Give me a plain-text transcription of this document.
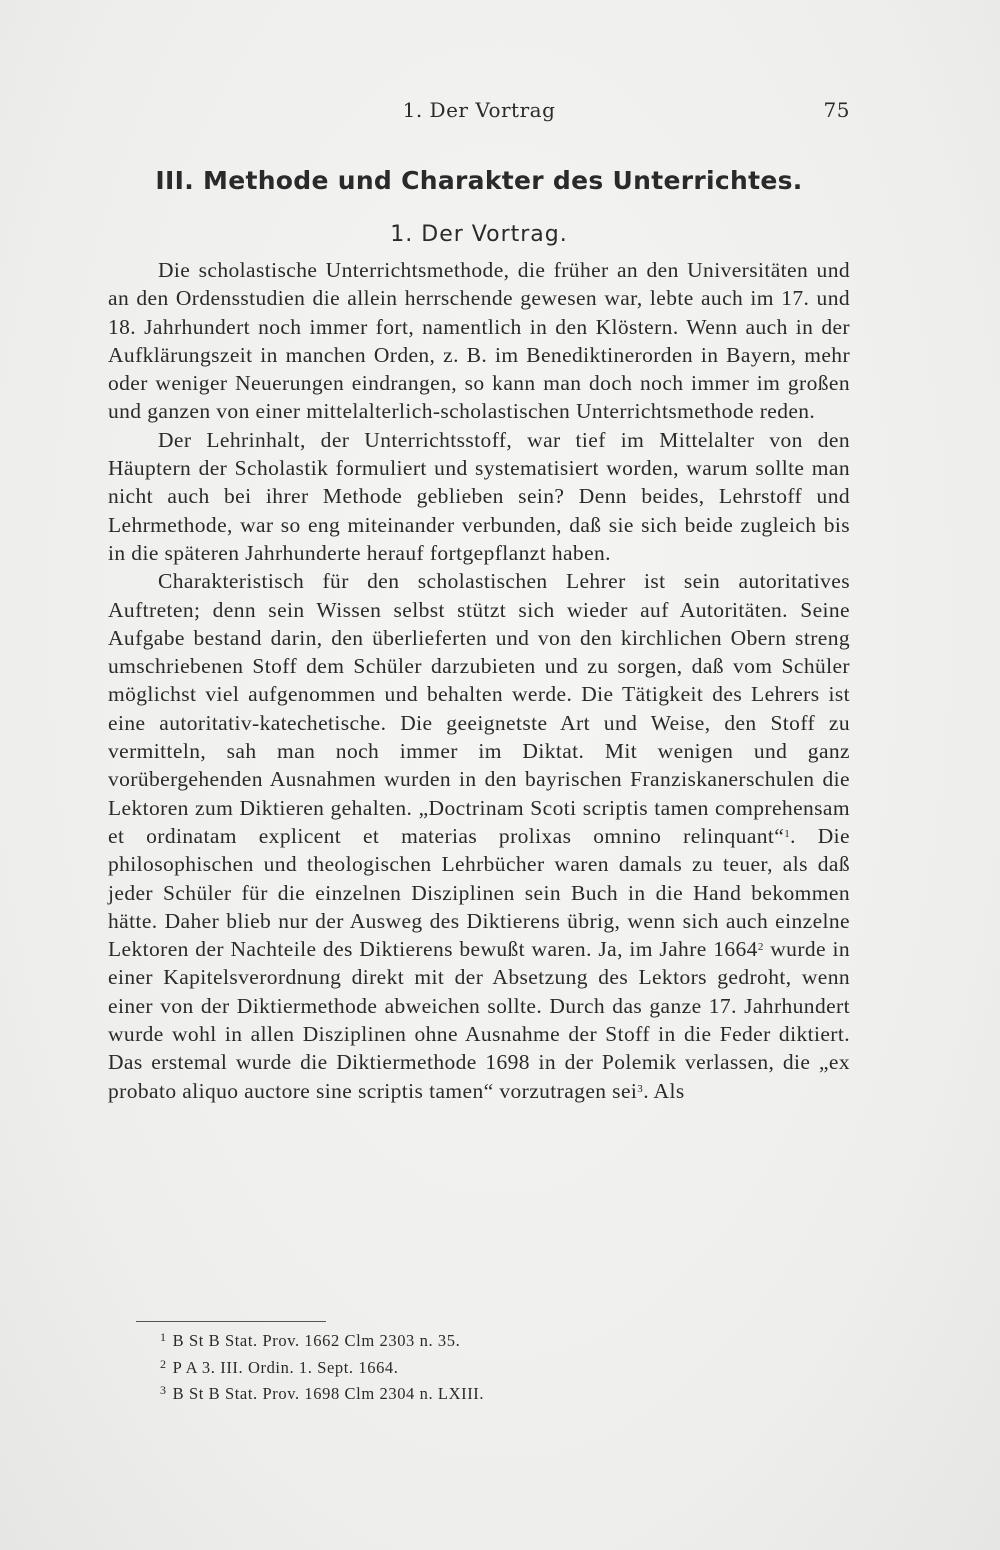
1. Der Vortrag	75
III. Methode und Charakter des Unterrichtes.
1. Der Vortrag.

Die scholastische Unterrichtsmethode, die früher an den Universitäten und an den Ordensstudien die allein herrschende gewesen war, lebte auch im 17. und 18. Jahrhundert noch immer fort, namentlich in den Klöstern. Wenn auch in der Aufklärungszeit in manchen Orden, z. B. im Benediktinerorden in Bayern, mehr oder weniger Neuerungen eindrangen, so kann man doch noch immer im großen und ganzen von einer mittelalterlich-scholastischen Unterrichtsmethode reden.

Der Lehrinhalt, der Unterrichtsstoff, war tief im Mittelalter von den Häuptern der Scholastik formuliert und systematisiert worden, warum sollte man nicht auch bei ihrer Methode geblieben sein? Denn beides, Lehrstoff und Lehrmethode, war so eng miteinander verbunden, daß sie sich beide zugleich bis in die späteren Jahrhunderte herauf fortgepflanzt haben.

Charakteristisch für den scholastischen Lehrer ist sein autoritatives Auftreten; denn sein Wissen selbst stützt sich wieder auf Autoritäten. Seine Aufgabe bestand darin, den überlieferten und von den kirchlichen Obern streng umschriebenen Stoff dem Schüler darzubieten und zu sorgen, daß vom Schüler möglichst viel aufgenommen und behalten werde. Die Tätigkeit des Lehrers ist eine autoritativ-katechetische. Die geeignetste Art und Weise, den Stoff zu vermitteln, sah man noch immer im Diktat. Mit wenigen und ganz vorübergehenden Ausnahmen wurden in den bayrischen Franziskanerschulen die Lektoren zum Diktieren gehalten. „Doctrinam Scoti scriptis tamen comprehensam et ordinatam explicent et materias prolixas omnino relinquant“$^1$. Die philosophischen und theologischen Lehrbücher waren damals zu teuer, als daß jeder Schüler für die einzelnen Disziplinen sein Buch in die Hand bekommen hätte. Daher blieb nur der Ausweg des Diktierens übrig, wenn sich auch einzelne Lektoren der Nachteile des Diktierens bewußt waren. Ja, im Jahre 1664$^2$ wurde in einer Kapitelsverordnung direkt mit der Absetzung des Lektors gedroht, wenn einer von der Diktiermethode abweichen sollte. Durch das ganze 17. Jahrhundert wurde wohl in allen Disziplinen ohne Ausnahme der Stoff in die Feder diktiert. Das erstemal wurde die Diktiermethode 1698 in der Polemik verlassen, die „ex probato aliquo auctore sine scriptis tamen“ vorzutragen sei$^3$. Als

$^1$ B St B Stat. Prov. 1662 Clm 2303 n. 35.
$^2$ P A 3. III. Ordin. 1. Sept. 1664.
$^3$ B St B Stat. Prov. 1698 Clm 2304 n. LXIII.
